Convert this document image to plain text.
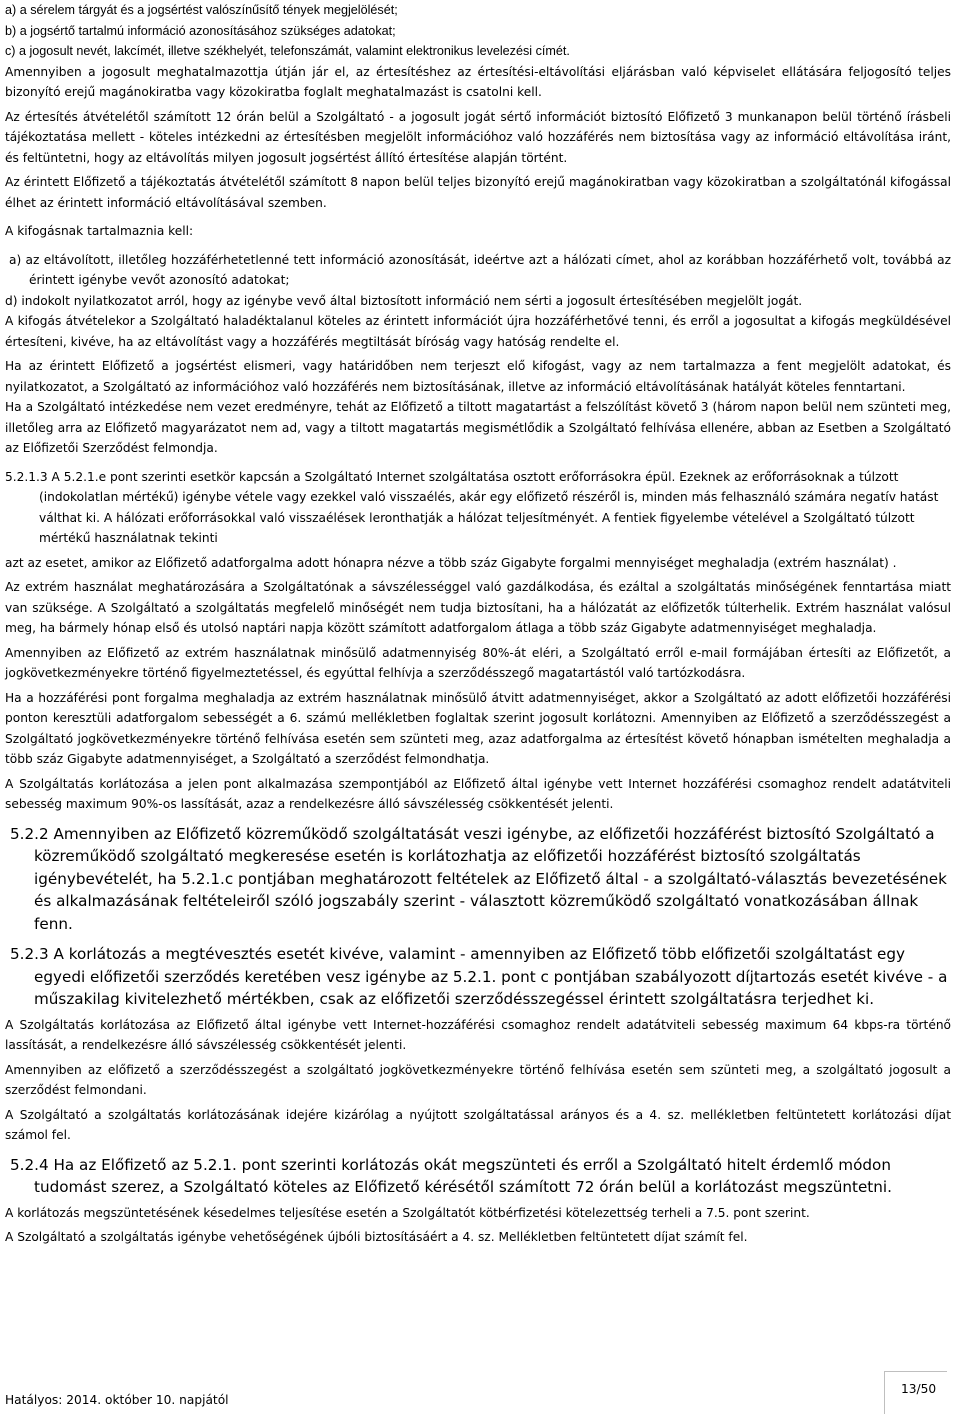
a) a sérelem tárgyát és a jogsértést valószínűsítő tények megjelölését;

b) a jogsértő tartalmú információ azonosításához szükséges adatokat;

c) a jogosult nevét, lakcímét, illetve székhelyét, telefonszámát, valamint elektronikus levelezési címét.

Amennyiben a jogosult meghatalmazottja útján jár el, az értesítéshez az értesítési-eltávolítási eljárásban való képviselet ellátására feljogosító teljes bizonyító erejű magánokiratba vagy közokiratba foglalt meghatalmazást is csatolni kell.

Az értesítés átvételétől számított 12 órán belül a Szolgáltató - a jogosult jogát sértő információt biztosító Előfizető 3 munkanapon belül történő írásbeli tájékoztatása mellett - köteles intézkedni az értesítésben megjelölt információhoz való hozzáférés nem biztosítása vagy az információ eltávolítása iránt, és feltüntetni, hogy az eltávolítás milyen jogosult jogsértést állító értesítése alapján történt.

Az érintett Előfizető a tájékoztatás átvételétől számított 8 napon belül teljes bizonyító erejű magánokiratban vagy közokiratban a szolgáltatónál kifogással élhet az érintett információ eltávolításával szemben.

A kifogásnak tartalmaznia kell:

a) az eltávolított, illetőleg hozzáférhetetlenné tett információ azonosítását, ideértve azt a hálózati címet, ahol az korábban hozzáférhető volt, továbbá az érintett igénybe vevőt azonosító adatokat;

d) indokolt nyilatkozatot arról, hogy az igénybe vevő által biztosított információ nem sérti a jogosult értesítésében megjelölt jogát.

A kifogás átvételekor a Szolgáltató haladéktalanul köteles az érintett információt újra hozzáférhetővé tenni, és erről a jogosultat a kifogás megküldésével értesíteni, kivéve, ha az eltávolítást vagy a hozzáférés megtiltását bíróság vagy hatóság rendelte el.

Ha az érintett Előfizető a jogsértést elismeri, vagy határidőben nem terjeszt elő kifogást, vagy az nem tartalmazza a fent megjelölt adatokat, és nyilatkozatot, a Szolgáltató az információhoz való hozzáférés nem biztosításának, illetve az információ eltávolításának hatályát köteles fenntartani.

Ha a Szolgáltató intézkedése nem vezet eredményre, tehát az Előfizető a tiltott magatartást a felszólítást követő 3 (három napon belül nem szünteti meg, illetőleg arra az Előfizető magyarázatot nem ad, vagy a tiltott magatartás megismétlődik a Szolgáltató felhívása ellenére, abban az Esetben a Szolgáltató az Előfizetői Szerződést felmondja.

5.2.1.3 A 5.2.1.e pont szerinti esetkör kapcsán a Szolgáltató Internet szolgáltatása osztott erőforrásokra épül. Ezeknek az erőforrásoknak a túlzott (indokolatlan mértékű) igénybe vétele vagy ezekkel való visszaélés, akár egy előfizető részéről is, minden más felhasználó számára negatív hatást válthat ki. A hálózati erőforrásokkal való visszaélések leronthatják a hálózat teljesítményét. A fentiek figyelembe vételével a Szolgáltató túlzott mértékű használatnak tekinti

azt az esetet, amikor az Előfizető adatforgalma adott hónapra nézve a több száz Gigabyte forgalmi mennyiséget meghaladja (extrém használat) .

Az extrém használat meghatározására a Szolgáltatónak a sávszélességgel való gazdálkodása, és ezáltal a szolgáltatás minőségének fenntartása miatt van szüksége. A Szolgáltató a szolgáltatás megfelelő minőségét nem tudja biztosítani, ha a hálózatát az előfizetők túlterhelik. Extrém használat valósul meg, ha bármely hónap első és utolsó naptári napja között számított adatforgalom átlaga a több száz Gigabyte adatmennyiséget meghaladja.

Amennyiben az Előfizető az extrém használatnak minősülő adatmennyiség 80%-át eléri, a Szolgáltató erről e-mail formájában értesíti az Előfizetőt, a jogkövetkezményekre történő figyelmeztetéssel, és egyúttal felhívja a szerződésszegő magatartástól való tartózkodásra.

Ha a hozzáférési pont forgalma meghaladja az extrém használatnak minősülő átvitt adatmennyiséget, akkor a Szolgáltató az adott előfizetői hozzáférési ponton keresztüli adatforgalom sebességét a 6. számú mellékletben foglaltak szerint jogosult korlátozni. Amennyiben az Előfizető a szerződésszegést a Szolgáltató jogkövetkezményekre történő felhívása esetén sem szünteti meg, azaz adatforgalma az értesítést követő hónapban ismételten meghaladja a több száz Gigabyte adatmennyiséget, a Szolgáltató a szerződést felmondhatja.

A Szolgáltatás korlátozása a jelen pont alkalmazása szempontjából az Előfizető által igénybe vett Internet hozzáférési csomaghoz rendelt adatátviteli sebesség maximum 90%-os lassítását, azaz a rendelkezésre álló sávszélesség csökkentését jelenti.

5.2.2 Amennyiben az Előfizető közreműködő szolgáltatását veszi igénybe, az előfizetői hozzáférést biztosító Szolgáltató a közreműködő szolgáltató megkeresése esetén is korlátozhatja az előfizetői hozzáférést biztosító szolgáltatás igénybevételét, ha 5.2.1.c pontjában meghatározott feltételek az Előfizető által - a szolgáltató-választás bevezetésének és alkalmazásának feltételeiről szóló jogszabály szerint - választott közreműködő szolgáltató vonatkozásában állnak fenn.

5.2.3 A korlátozás a megtévesztés esetét kivéve, valamint - amennyiben az Előfizető több előfizetői szolgáltatást egy egyedi előfizetői szerződés keretében vesz igénybe az 5.2.1. pont c pontjában szabályozott díjtartozás esetét kivéve - a műszakilag kivitelezhető mértékben, csak az előfizetői szerződésszegéssel érintett szolgáltatásra terjedhet ki.

A Szolgáltatás korlátozása az Előfizető által igénybe vett Internet-hozzáférési csomaghoz rendelt adatátviteli sebesség maximum 64 kbps-ra történő lassítását, a rendelkezésre álló sávszélesség csökkentését jelenti.

Amennyiben az előfizető a szerződésszegést a szolgáltató jogkövetkezményekre történő felhívása esetén sem szünteti meg, a szolgáltató jogosult a szerződést felmondani.

A Szolgáltató a szolgáltatás korlátozásának idejére kizárólag a nyújtott szolgáltatással arányos és a 4. sz. mellékletben feltüntetett korlátozási díjat számol fel.

5.2.4 Ha az Előfizető az 5.2.1. pont szerinti korlátozás okát megszünteti és erről a Szolgáltató hitelt érdemlő módon tudomást szerez, a Szolgáltató köteles az Előfizető kérésétől számított 72 órán belül a korlátozást megszüntetni.

A korlátozás megszüntetésének késedelmes teljesítése esetén a Szolgáltatót kötbérfizetési kötelezettség terheli a 7.5. pont szerint.

A Szolgáltató a szolgáltatás igénybe vehetőségének újbóli biztosításáért a 4. sz. Mellékletben feltüntetett díjat számít fel.

Hatályos: 2014. október 10. napjától
13/50
